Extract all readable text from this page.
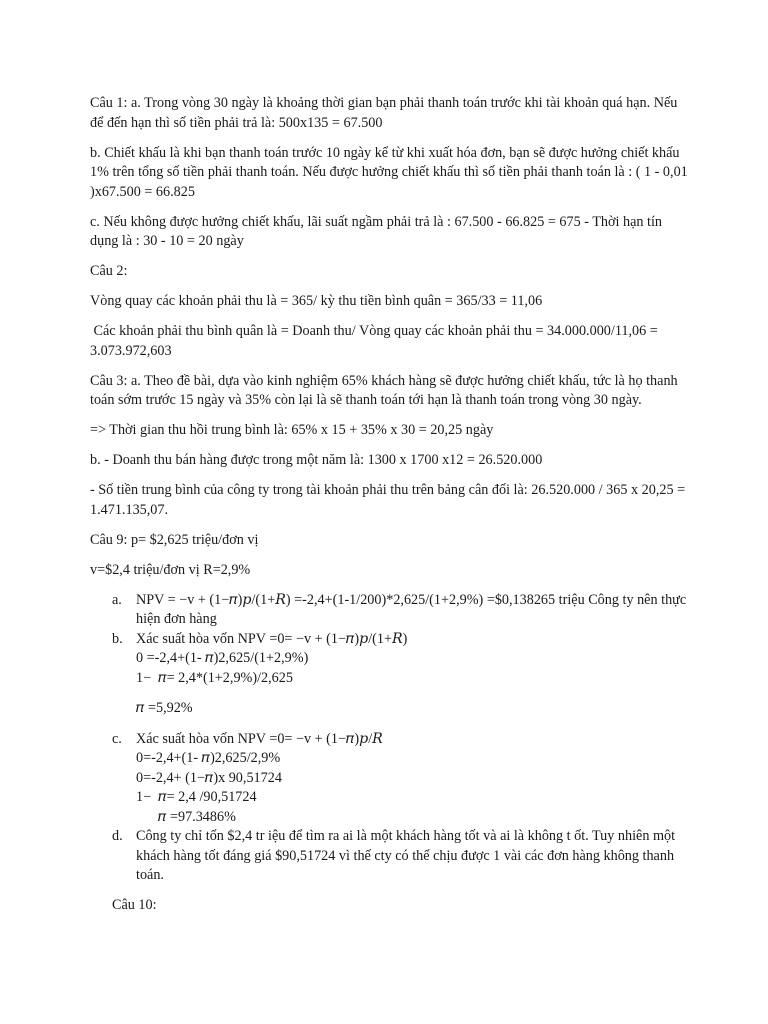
Câu 1: a. Trong vòng 30 ngày là khoảng thời gian bạn phải thanh toán trước khi tài khoản quá hạn. Nếu để đến hạn thì số tiền phải trả là: 500x135 = 67.500

b. Chiết khấu là khi bạn thanh toán trước 10 ngày kể từ khi xuất hóa đơn, bạn sẽ được hưởng chiết khấu 1% trên tổng số tiền phải thanh toán. Nếu được hưởng chiết khấu thì số tiền phải thanh toán là : ( 1 - 0,01 )x67.500 = 66.825

c. Nếu không được hưởng chiết khấu, lãi suất ngầm phải trả là : 67.500 - 66.825 = 675 - Thời hạn tín dụng là : 30 - 10 = 20 ngày

Câu 2:

Vòng quay các khoản phải thu là = 365/ kỳ thu tiền bình quân = 365/33 = 11,06

Các khoản phải thu bình quân là = Doanh thu/ Vòng quay các khoản phải thu = 34.000.000/11,06 = 3.073.972,603

Câu 3: a. Theo đề bài, dựa vào kinh nghiệm 65% khách hàng sẽ được hưởng chiết khấu, tức là họ thanh toán sớm trước 15 ngày và 35% còn lại là sẽ thanh toán tới hạn là thanh toán trong vòng 30 ngày.

=> Thời gian thu hồi trung bình là: 65% x 15 + 35% x 30 = 20,25 ngày

b. - Doanh thu bán hàng được trong một năm là: 1300 x 1700 x12 = 26.520.000

- Số tiền trung bình của công ty trong tài khoản phải thu trên bảng cân đối là: 26.520.000 / 365 x 20,25 = 1.471.135,07.

Câu 9: p= $2,625 triệu/đơn vị

v=$2,4 triệu/đơn vị R=2,9%

a. NPV = −v + (1−𝜋)𝑝/(1+𝑅) =-2,4+(1-1/200)*2,625/(1+2,9%) =$0,138265 triệu Công ty nên thực hiện đơn hàng
b. Xác suất hòa vốn NPV =0= −v + (1−𝜋)𝑝/(1+𝑅)
0 =-2,4+(1- 𝜋)2,625/(1+2,9%)
1−  𝜋= 2,4*(1+2,9%)/2,625
𝜋 =5,92%
c. Xác suất hòa vốn NPV =0= −v + (1−𝜋)𝑝/𝑅
0=-2,4+(1- 𝜋)2,625/2,9%
0=-2,4+ (1−𝜋)x 90,51724
1−  𝜋= 2,4 /90,51724
𝜋 =97.3486%
d. Công ty chỉ tốn $2,4 tr iệu để tìm ra ai là một khách hàng tốt và ai là không t ốt. Tuy nhiên một khách hàng tốt đáng giá $90,51724 vì thế cty có thể chịu được 1 vài các đơn hàng không thanh toán.

Câu 10:
